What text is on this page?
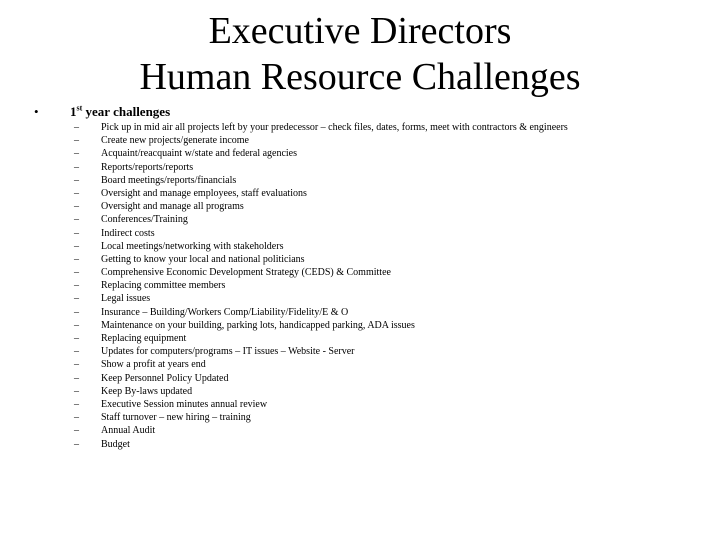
Executive Directors
Human Resource Challenges
• 1st year challenges
– Pick up in mid air all projects left by your predecessor – check files, dates, forms, meet with contractors & engineers
– Create new projects/generate income
– Acquaint/reacquaint w/state and federal agencies
– Reports/reports/reports
– Board meetings/reports/financials
– Oversight and manage employees, staff evaluations
– Oversight and manage all programs
– Conferences/Training
– Indirect costs
– Local meetings/networking with stakeholders
– Getting to know your local and national politicians
– Comprehensive Economic Development Strategy (CEDS) & Committee
– Replacing committee members
– Legal issues
– Insurance – Building/Workers Comp/Liability/Fidelity/E & O
– Maintenance on your building, parking lots, handicapped parking, ADA issues
– Replacing equipment
– Updates for computers/programs – IT issues – Website - Server
– Show a profit at years end
– Keep Personnel Policy Updated
– Keep By-laws updated
– Executive Session minutes annual review
– Staff turnover – new hiring – training
– Annual Audit
– Budget
